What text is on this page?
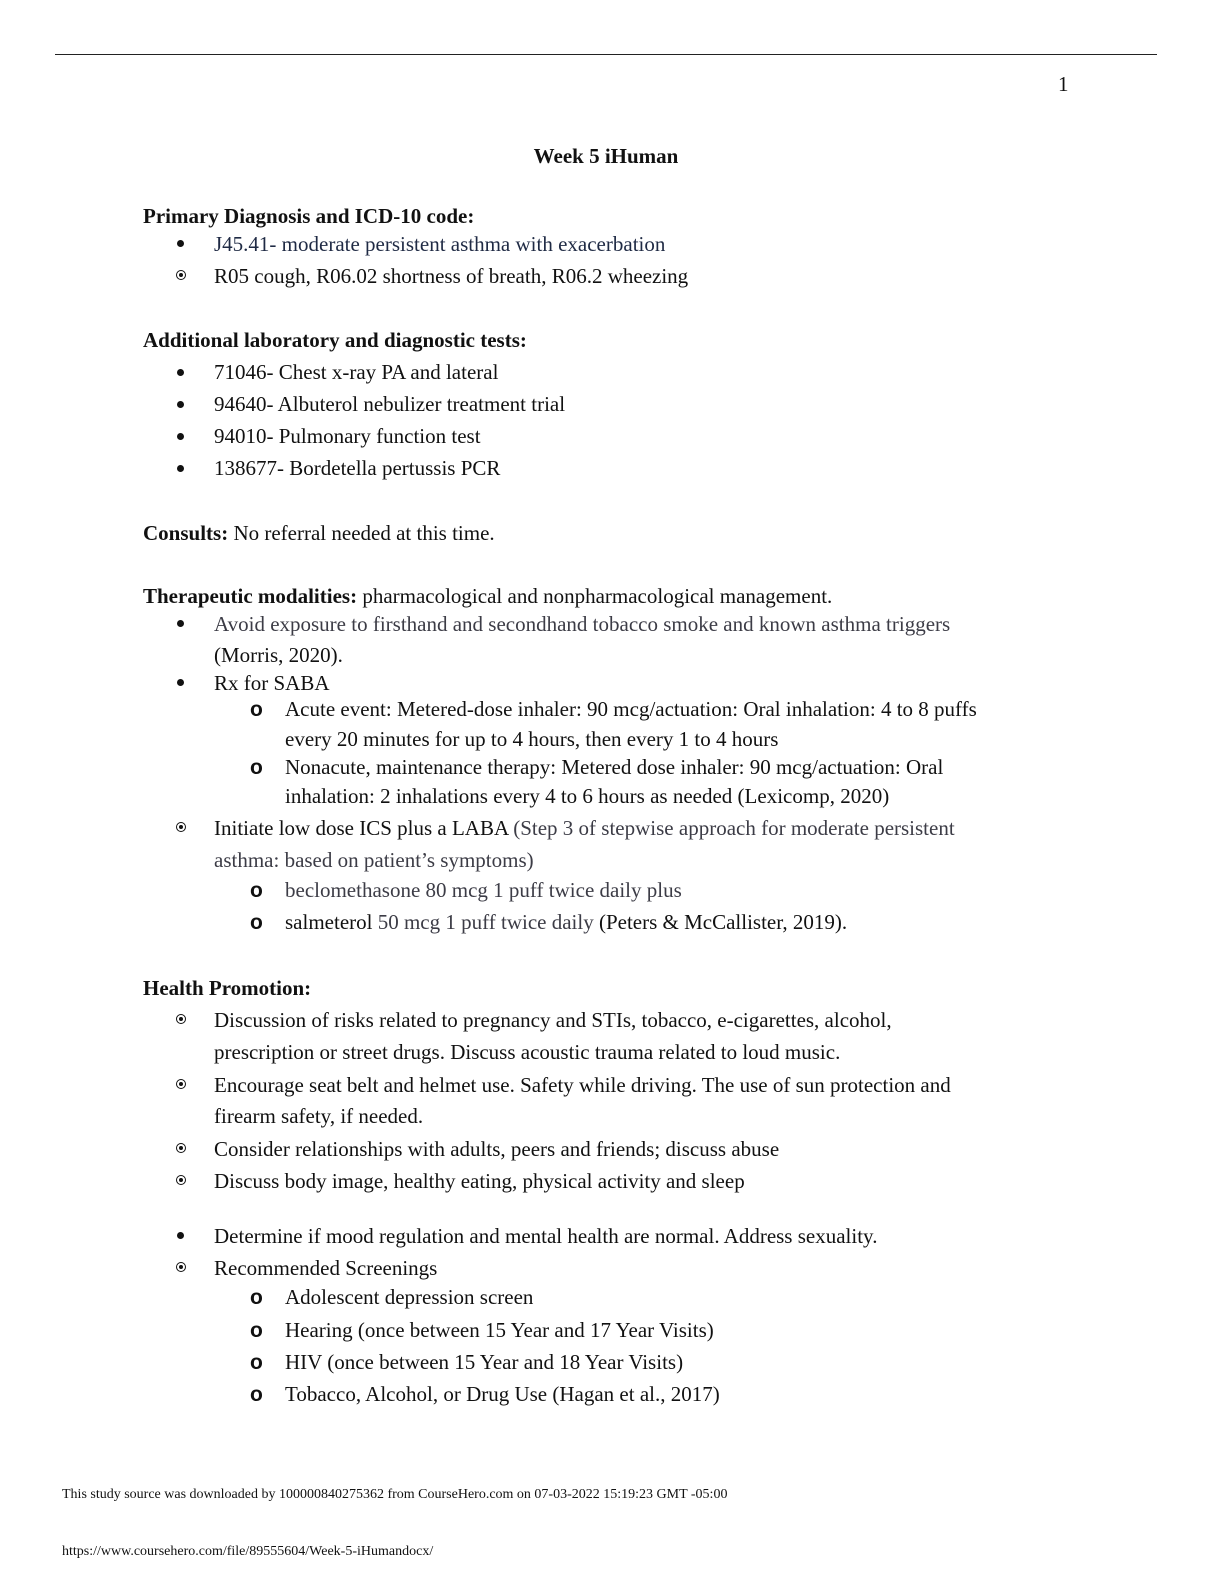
1
Week 5 iHuman
Primary Diagnosis and ICD-10 code:
J45.41- moderate persistent asthma with exacerbation
R05 cough, R06.02 shortness of breath, R06.2 wheezing
Additional laboratory and diagnostic tests:
71046- Chest x-ray PA and lateral
94640- Albuterol nebulizer treatment trial
94010- Pulmonary function test
138677- Bordetella pertussis PCR
Consults: No referral needed at this time.
Therapeutic modalities: pharmacological and nonpharmacological management.
Avoid exposure to firsthand and secondhand tobacco smoke and known asthma triggers
(Morris, 2020).
Rx for SABA
o Acute event: Metered-dose inhaler: 90 mcg/actuation: Oral inhalation: 4 to 8 puffs
every 20 minutes for up to 4 hours, then every 1 to 4 hours
o Nonacute, maintenance therapy: Metered dose inhaler: 90 mcg/actuation: Oral
inhalation: 2 inhalations every 4 to 6 hours as needed (Lexicomp, 2020)
Initiate low dose ICS plus a LABA (Step 3 of stepwise approach for moderate persistent
asthma: based on patient’s symptoms)
o beclomethasone 80 mcg 1 puff twice daily plus
o salmeterol 50 mcg 1 puff twice daily (Peters & McCallister, 2019).
Health Promotion:
Discussion of risks related to pregnancy and STIs, tobacco, e-cigarettes, alcohol,
prescription or street drugs. Discuss acoustic trauma related to loud music.
Encourage seat belt and helmet use. Safety while driving. The use of sun protection and
firearm safety, if needed.
Consider relationships with adults, peers and friends; discuss abuse
Discuss body image, healthy eating, physical activity and sleep
Determine if mood regulation and mental health are normal. Address sexuality.
Recommended Screenings
o Adolescent depression screen
o Hearing (once between 15 Year and 17 Year Visits)
o HIV (once between 15 Year and 18 Year Visits)
o Tobacco, Alcohol, or Drug Use (Hagan et al., 2017)
This study source was downloaded by 100000840275362 from CourseHero.com on 07-03-2022 15:19:23 GMT -05:00
https://www.coursehero.com/file/89555604/Week-5-iHumandocx/
